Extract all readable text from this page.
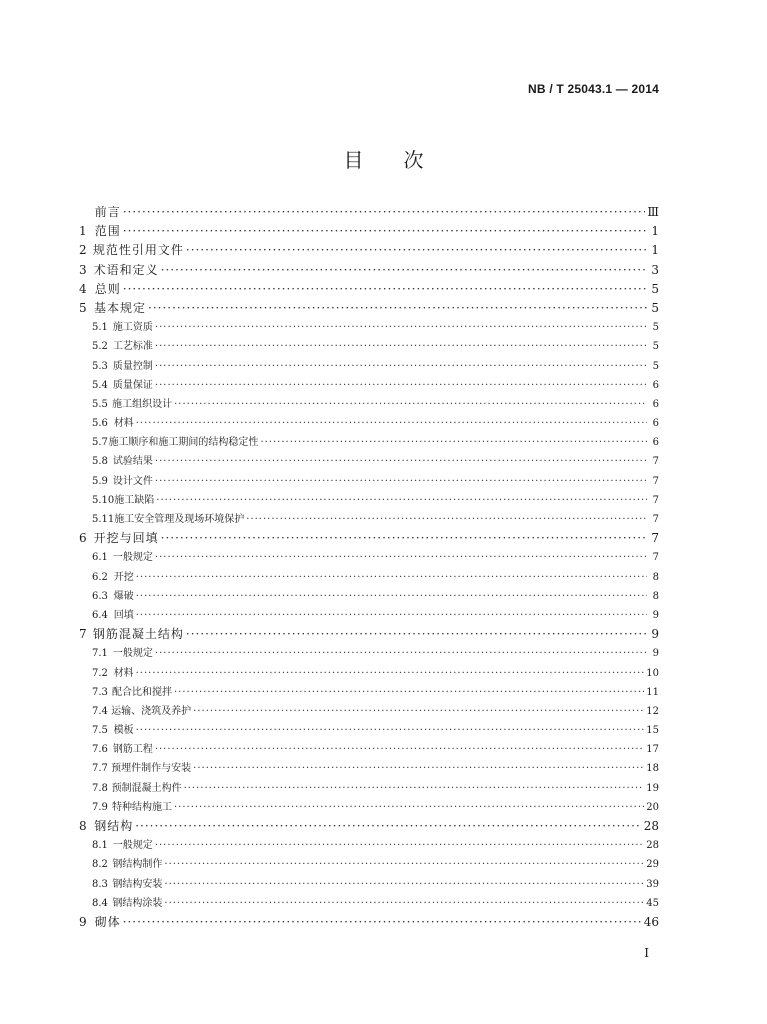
NB / T 25043.1 — 2014
目次
前言 ·····	Ⅲ
1 范围 ·····	1
2 规范性引用文件 ·····	1
3 术语和定义 ·····	3
4 总则 ·····	5
5 基本规定 ·····	5
5.1 施工资质 ·····	5
5.2 工艺标准 ·····	5
5.3 质量控制 ·····	5
5.4 质量保证 ·····	6
5.5 施工组织设计 ·····	6
5.6 材料 ·····	6
5.7 施工顺序和施工期间的结构稳定性 ·····	6
5.8 试验结果 ·····	7
5.9 设计文件 ·····	7
5.10 施工缺陷 ·····	7
5.11 施工安全管理及现场环境保护 ·····	7
6 开挖与回填 ·····	7
6.1 一般规定 ·····	7
6.2 开挖 ·····	8
6.3 爆破 ·····	8
6.4 回填 ·····	9
7 钢筋混凝土结构 ·····	9
7.1 一般规定 ·····	9
7.2 材料 ·····	10
7.3 配合比和搅拌 ·····	11
7.4 运输、浇筑及养护 ·····	12
7.5 模板 ·····	15
7.6 钢筋工程 ·····	17
7.7 预埋件制作与安装 ·····	18
7.8 预制混凝土构件 ·····	19
7.9 特种结构施工 ·····	20
8 钢结构 ·····	28
8.1 一般规定 ·····	28
8.2 钢结构制作 ·····	29
8.3 钢结构安装 ·····	39
8.4 钢结构涂装 ·····	45
9 砌体 ·····	46
I
